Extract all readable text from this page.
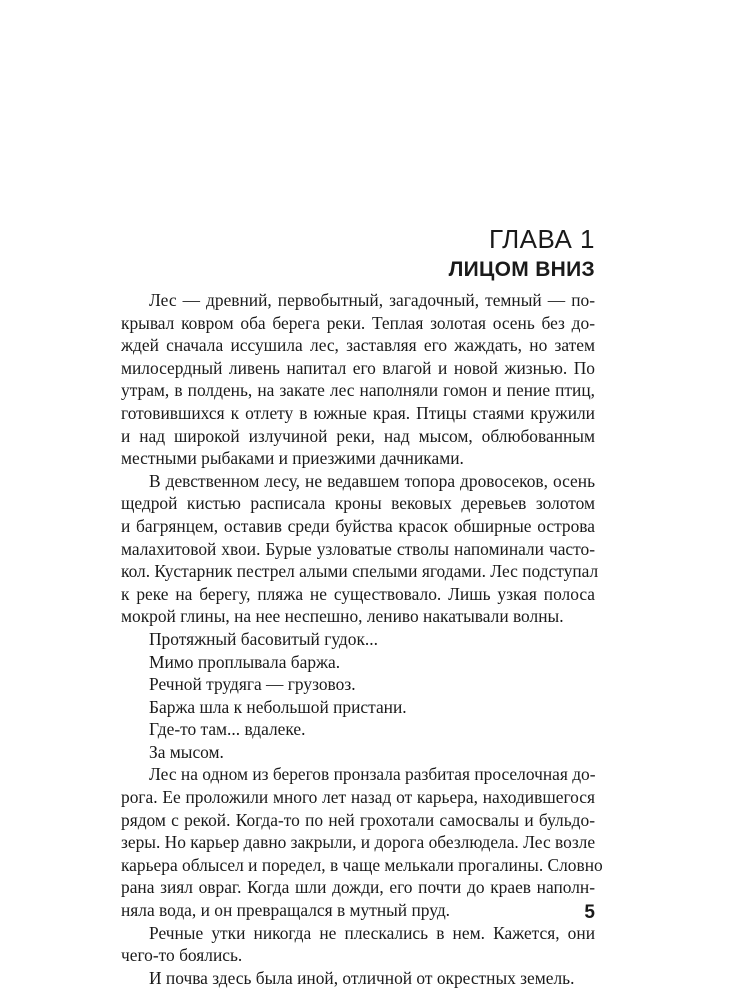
ГЛАВА 1
ЛИЦОМ ВНИЗ

Лес — древний, первобытный, загадочный, темный — по-
крывал ковром оба берега реки. Теплая золотая осень без до-
ждей сначала иссушила лес, заставляя его жаждать, но затем
милосердный ливень напитал его влагой и новой жизнью. По
утрам, в полдень, на закате лес наполняли гомон и пение птиц,
готовившихся к отлету в южные края. Птицы стаями кружили
и над широкой излучиной реки, над мысом, облюбованным
местными рыбаками и приезжими дачниками.

В девственном лесу, не ведавшем топора дровосеков, осень
щедрой кистью расписала кроны вековых деревьев золотом
и багрянцем, оставив среди буйства красок обширные острова
малахитовой хвои. Бурые узловатые стволы напоминали часто-
кол. Кустарник пестрел алыми спелыми ягодами. Лес подступал
к реке на берегу, пляжа не существовало. Лишь узкая полоса
мокрой глины, на нее неспешно, лениво накатывали волны.

Протяжный басовитый гудок...

Мимо проплывала баржа.

Речной трудяга — грузовоз.

Баржа шла к небольшой пристани.

Где-то там... вдалеке.

За мысом.

Лес на одном из берегов пронзала разбитая проселочная до-
рога. Ее проложили много лет назад от карьера, находившегося
рядом с рекой. Когда-то по ней грохотали самосвалы и бульдо-
зеры. Но карьер давно закрыли, и дорога обезлюдела. Лес возле
карьера облысел и поредел, в чаще мелькали прогалины. Словно
рана зиял овраг. Когда шли дожди, его почти до краев наполн-
няла вода, и он превращался в мутный пруд.

Речные утки никогда не плескались в нем. Кажется, они
чего-то боялись.

И почва здесь была иной, отличной от окрестных земель.

5
